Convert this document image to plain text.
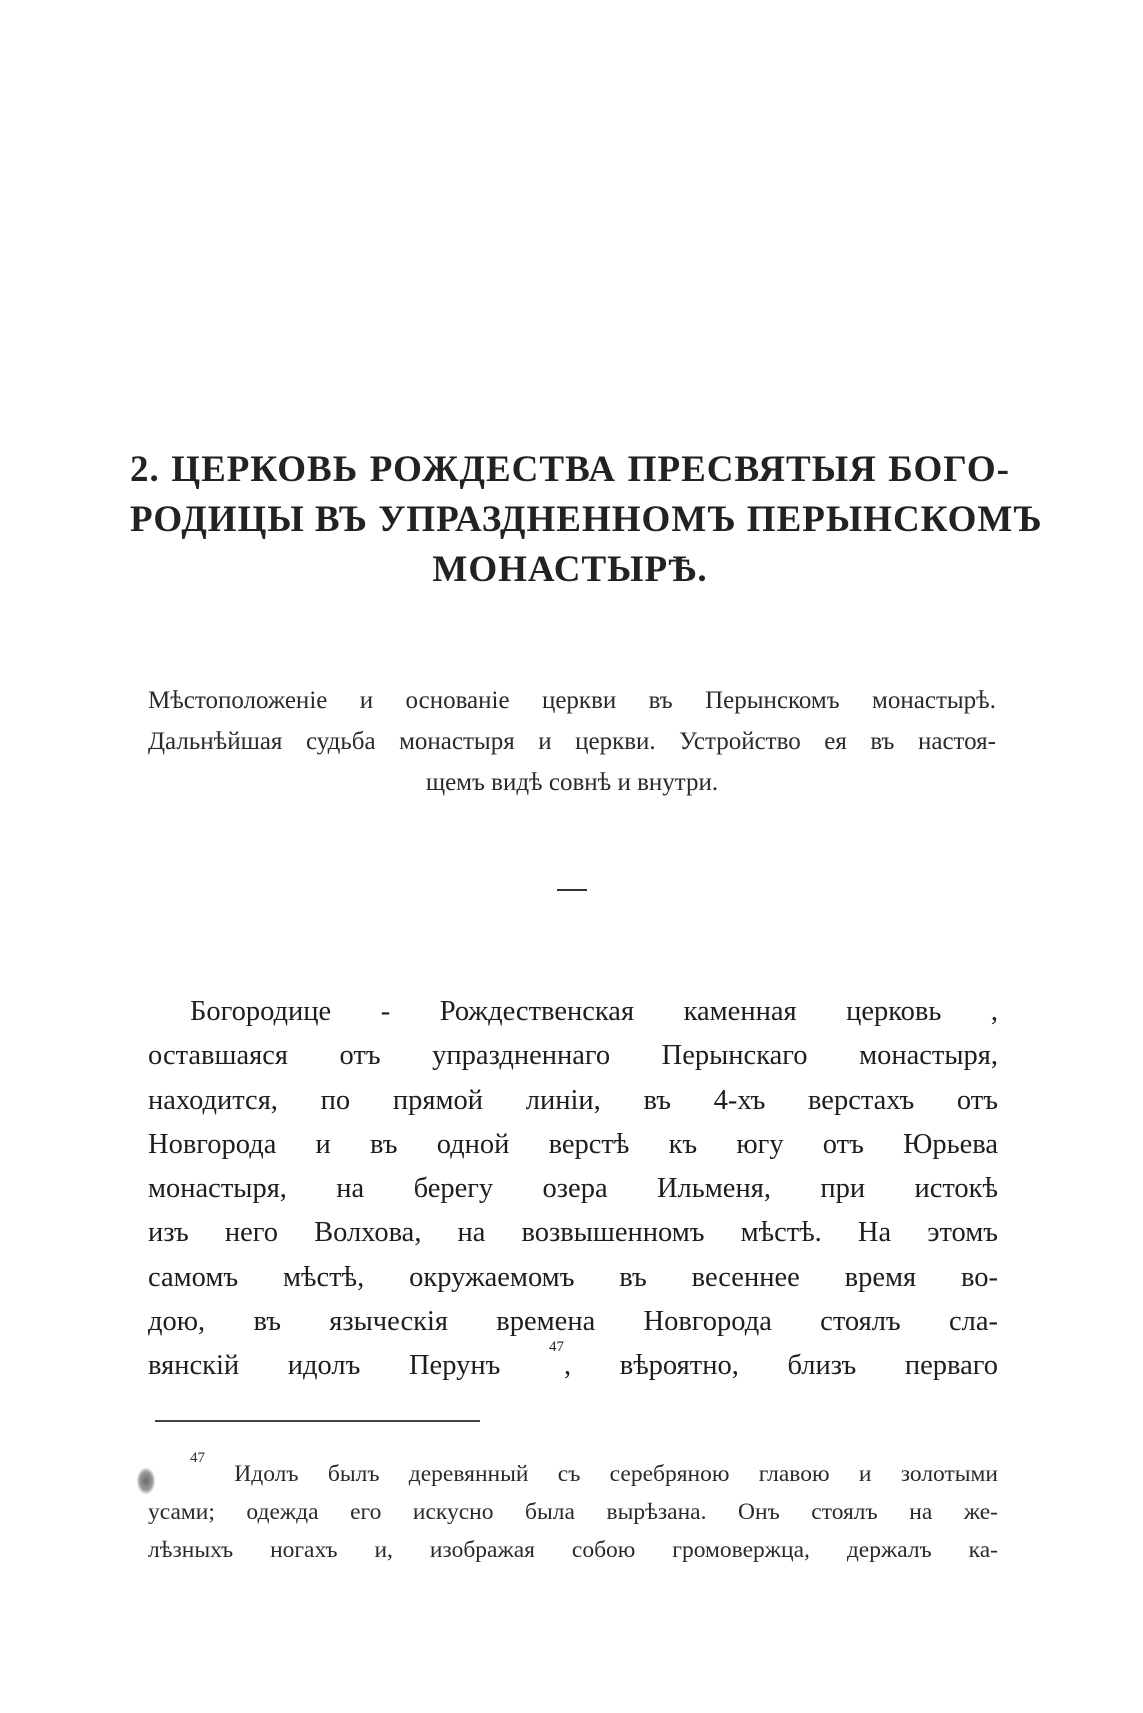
2. ЦЕРКОВЬ РОЖДЕСТВА ПРЕСВЯТЫЯ БОГО-
РОДИЦЫ ВЪ УПРАЗДНЕННОМЪ ПЕРЫНСКОМЪ
МОНАСТЫРѢ.
Мѣстоположеніе и основаніе церкви въ Перынскомъ монастырѣ.
Дальнѣйшая судьба монастыря и церкви. Устройство ея въ настоя-
щемъ видѣ совнѣ и внутри.
Богородице - Рождественская каменная церковь ,
оставшаяся отъ упраздненнаго Перынскаго монастыря,
находится, по прямой линіи, въ 4-хъ верстахъ отъ
Новгорода и въ одной верстѣ къ югу отъ Юрьева
монастыря, на берегу озера Ильменя, при истокѣ
изъ него Волхова, на возвышенномъ мѣстѣ. На этомъ
самомъ мѣстѣ, окружаемомъ въ весеннее время во-
дою, въ языческія времена Новгорода стоялъ сла-
вянскій идолъ Перунъ $^{47}$, вѣроятно, близъ перваго
$^{47}$ Идолъ былъ деревянный съ серебряною главою и золотыми
усами; одежда его искусно была вырѣзана. Онъ стоялъ на же-
лѣзныхъ ногахъ и, изображая собою громовержца, держалъ ка-
